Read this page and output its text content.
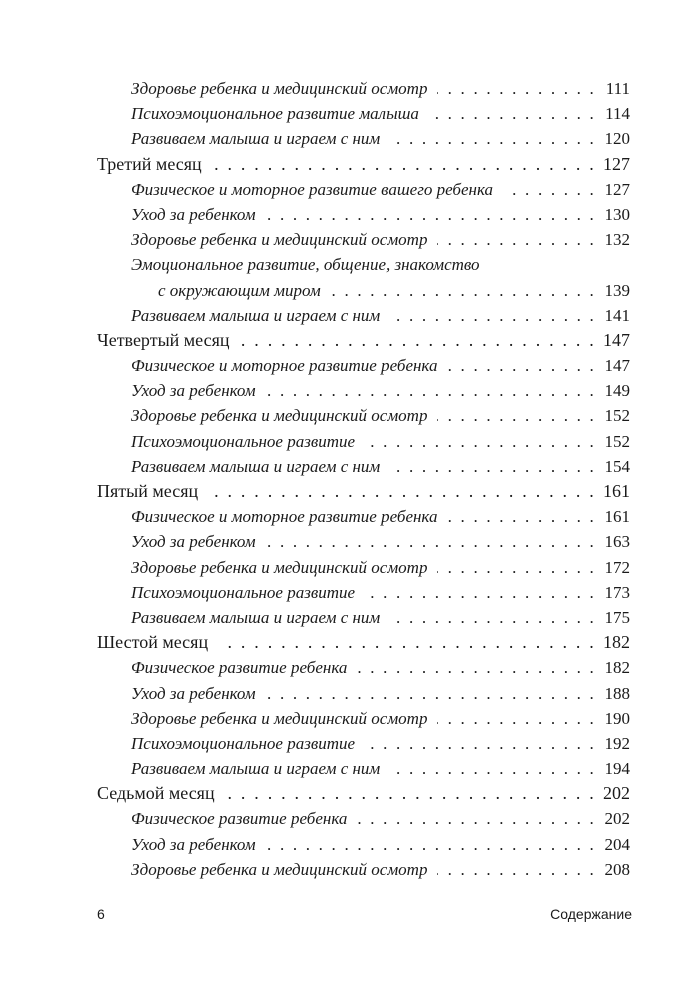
Здоровье ребенка и медицинский осмотр . . .	111
Психоэмоциональное развитие малыша . . .	114
Развиваем малыша и играем с ним . . .	120
Третий месяц . . .	127
Физическое и моторное развитие вашего ребенка . . .	127
Уход за ребенком . . .	130
Здоровье ребенка и медицинский осмотр . . .	132
Эмоциональное развитие, общение, знакомство
с окружающим миром . . .	139
Развиваем малыша и играем с ним . . .	141
Четвертый месяц . . .	147
Физическое и моторное развитие ребенка . . .	147
Уход за ребенком . . .	149
Здоровье ребенка и медицинский осмотр . . .	152
Психоэмоциональное развитие . . .	152
Развиваем малыша и играем с ним . . .	154
Пятый месяц . . .	161
Физическое и моторное развитие ребенка . . .	161
Уход за ребенком . . .	163
Здоровье ребенка и медицинский осмотр . . .	172
Психоэмоциональное развитие . . .	173
Развиваем малыша и играем с ним . . .	175
Шестой месяц . . .	182
Физическое развитие ребенка . . .	182
Уход за ребенком . . .	188
Здоровье ребенка и медицинский осмотр . . .	190
Психоэмоциональное развитие . . .	192
Развиваем малыша и играем с ним . . .	194
Седьмой месяц . . .	202
Физическое развитие ребенка . . .	202
Уход за ребенком . . .	204
Здоровье ребенка и медицинский осмотр . . .	208
6	Содержание
